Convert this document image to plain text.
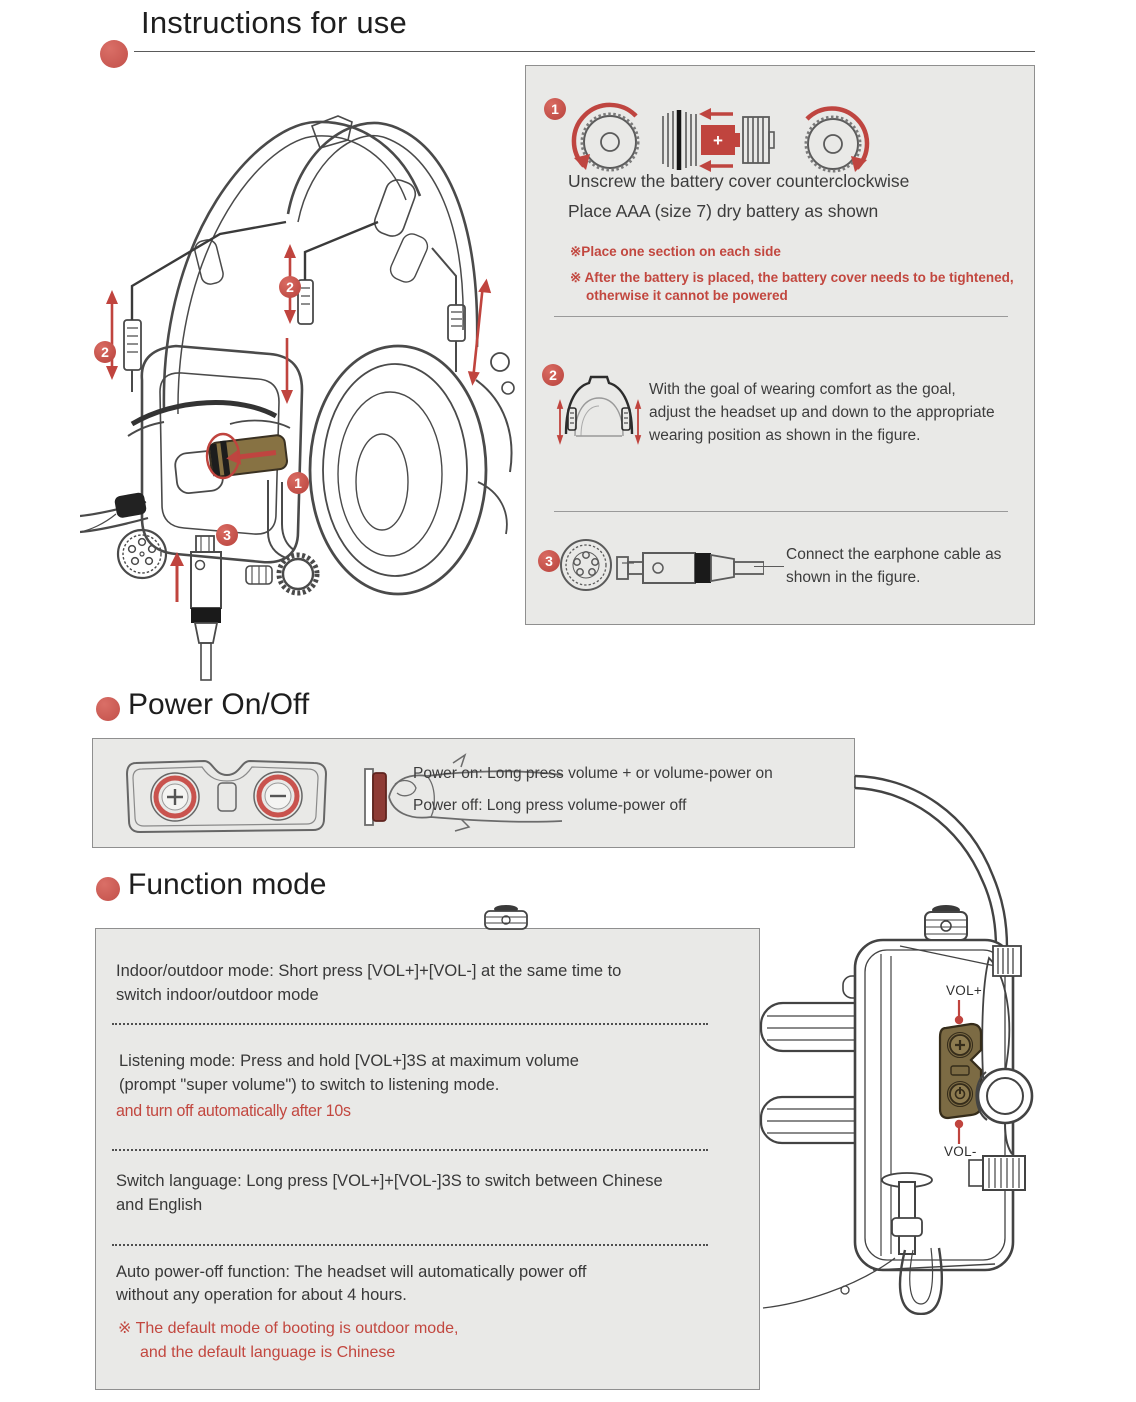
Instructions for use
2
2
1
3
1
+
Unscrew the battery cover counterclockwise
Place AAA (size 7) dry battery as shown
※Place one section on each side
※ After the battery is placed, the battery cover needs to be tightened,
otherwise it cannot be powered
2
With the goal of wearing comfort as the goal,
adjust the headset up and down to the appropriate
wearing position as shown in the figure.
3	Connect the earphone cable as
shown in the figure.
Power On/Off
Power on: Long press volume + or volume-power on
Power off: Long press volume-power off
Function mode
VOL+
VOL-
Indoor/outdoor mode: Short press [VOL+]+[VOL-] at the same time to
switch indoor/outdoor mode
Listening mode: Press and hold [VOL+]3S at maximum volume
(prompt "super volume") to switch to listening mode.
and turn off automatically after 10s
Switch language: Long press [VOL+]+[VOL-]3S to switch between Chinese
and English
Auto power-off function: The headset will automatically power off
without any operation for about 4 hours.
※ The default mode of booting is outdoor mode,
and the default language is Chinese
